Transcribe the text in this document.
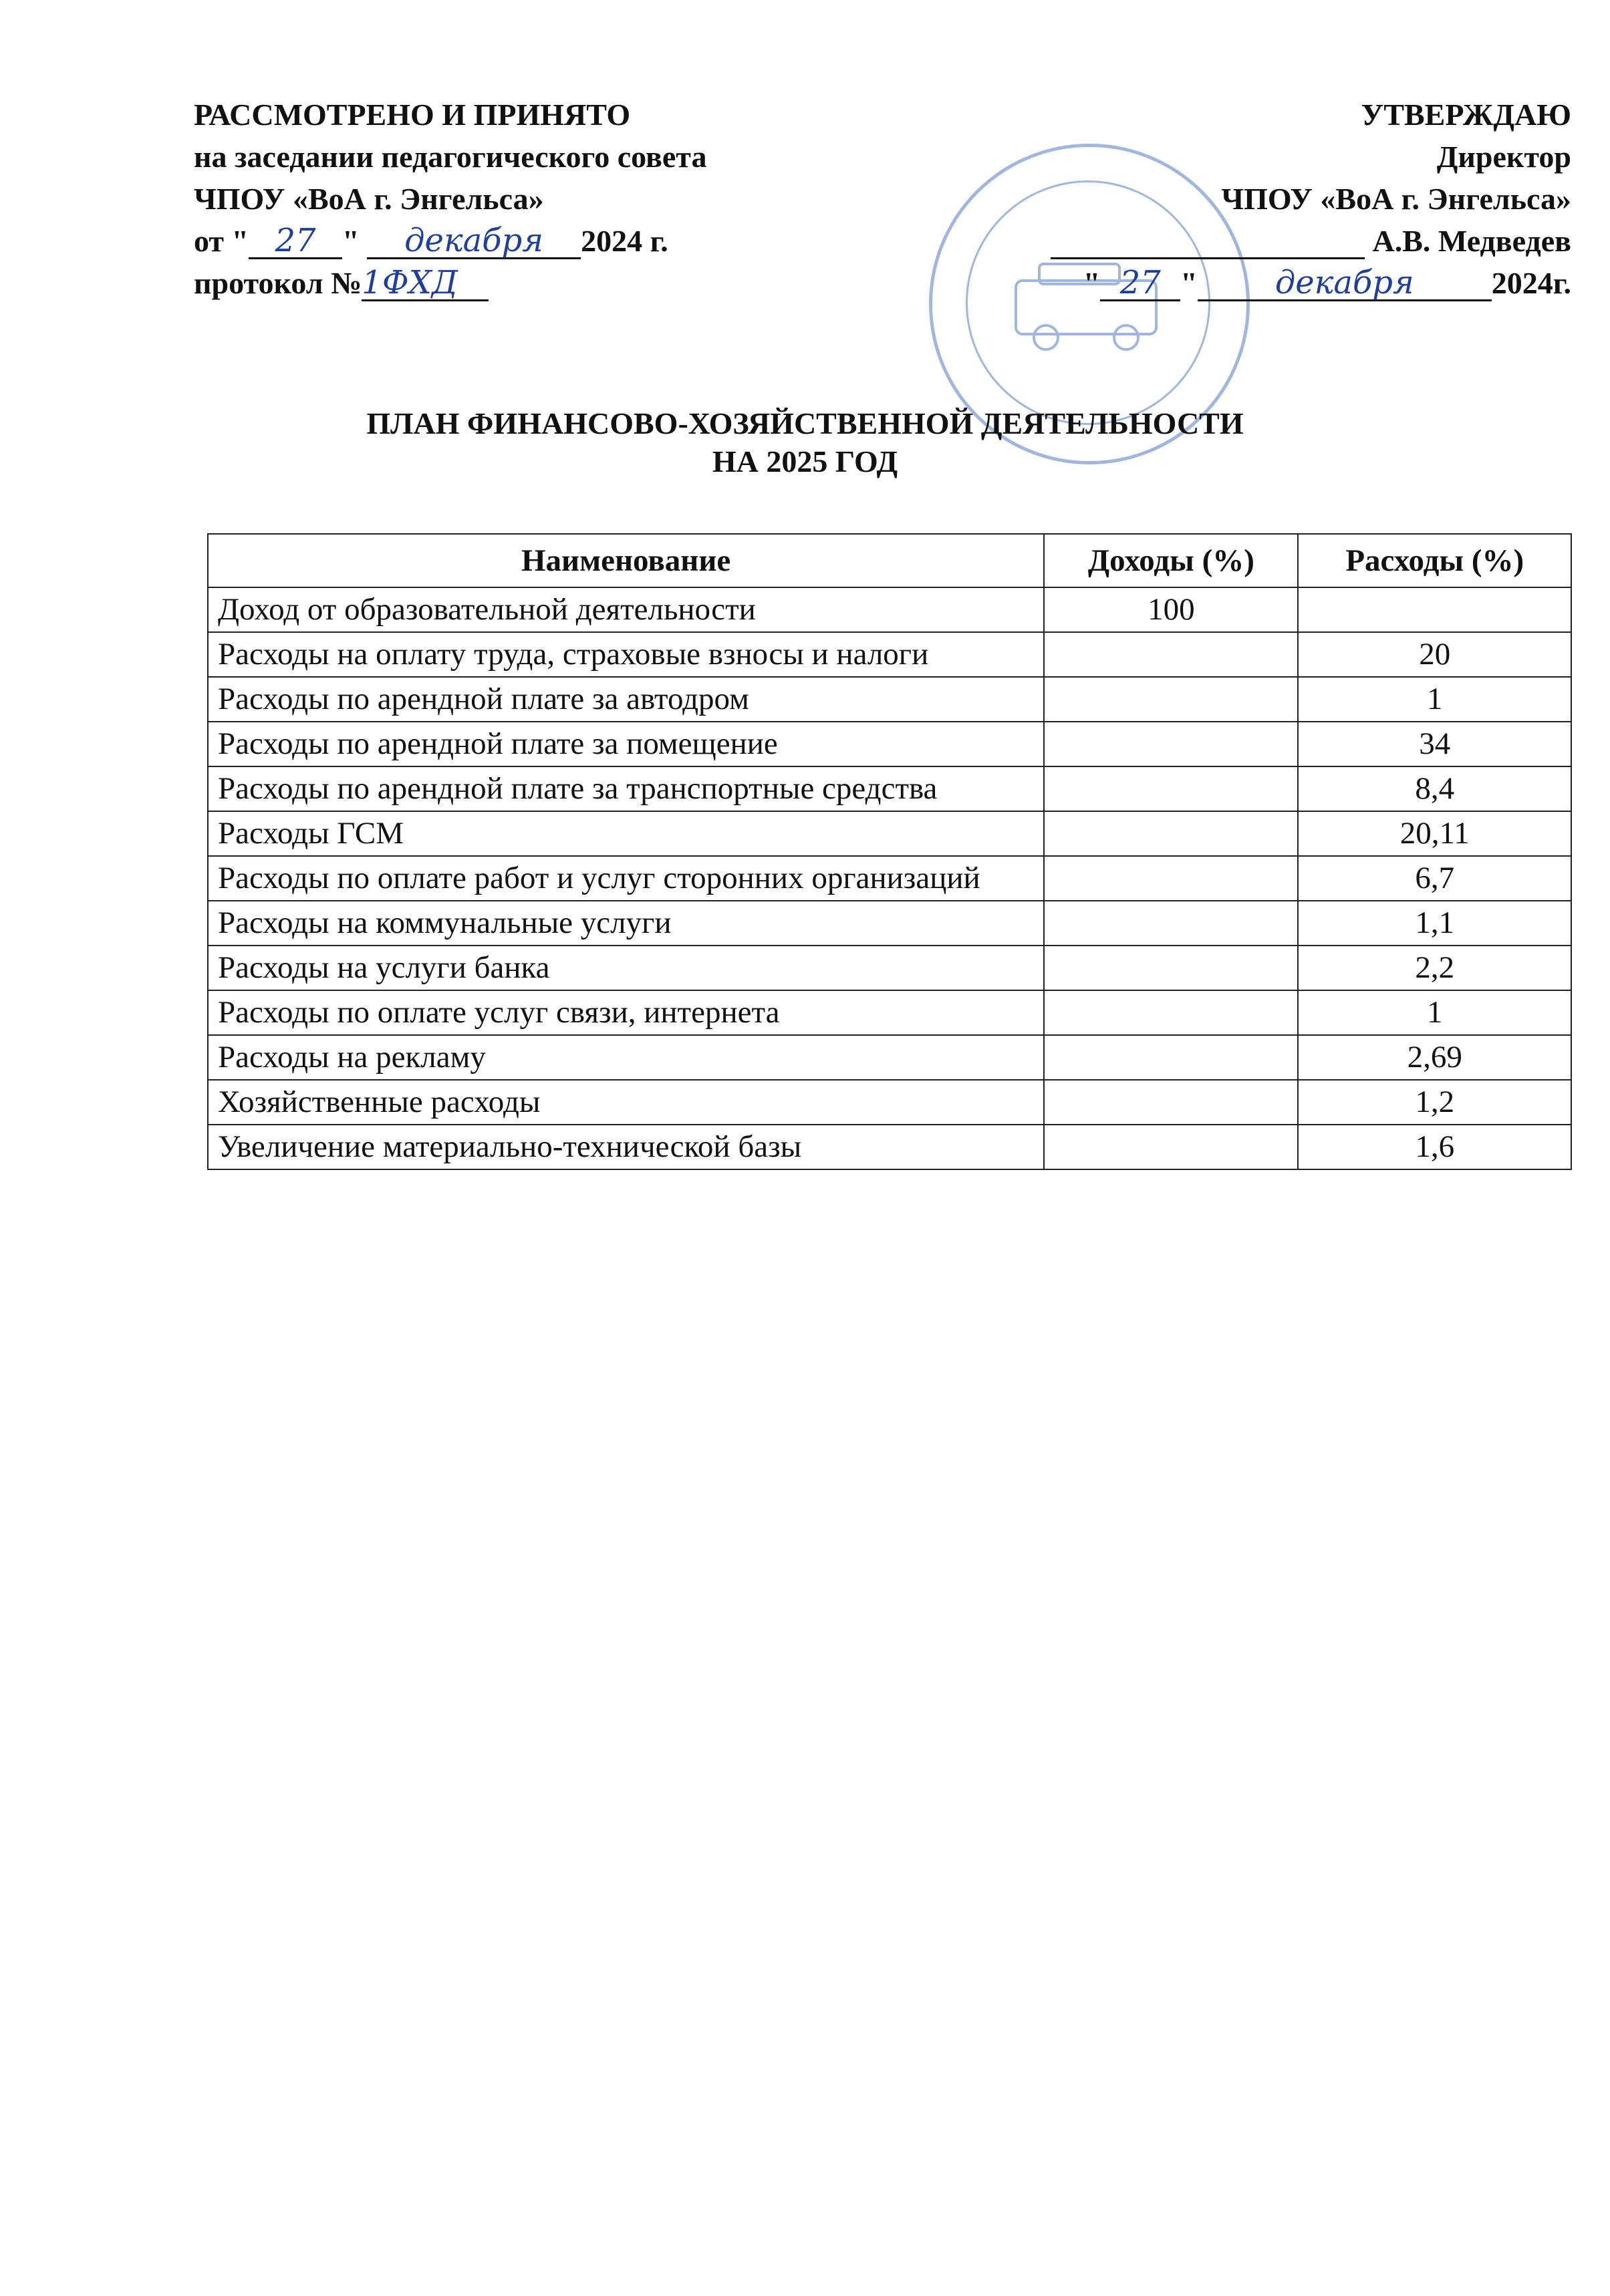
РАССМОТРЕНО И ПРИНЯТО
на заседании педагогического совета
ЧПОУ «ВоА г. Энгельса»
от " 27 " декабря 2024 г.
протокол №1ФХД
УТВЕРЖДАЮ
Директор
ЧПОУ «ВоА г. Энгельса»
А.В. Медведев
" 27 " декабря	2024г.
ПЛАН ФИНАНСОВО-ХОЗЯЙСТВЕННОЙ ДЕЯТЕЛЬНОСТИ
НА 2025 ГОД
Наименование	Доходы (%)	Расходы (%)
Доход от образовательной деятельности	100	
Расходы на оплату труда, страховые взносы и налоги		20
Расходы по арендной плате за автодром		1
Расходы по арендной плате за помещение		34
Расходы по арендной плате за транспортные средства		8,4
Расходы ГСМ		20,11
Расходы по оплате работ и услуг сторонних организаций		6,7
Расходы на коммунальные услуги		1,1
Расходы на услуги банка		2,2
Расходы по оплате услуг связи, интернета		1
Расходы на рекламу		2,69
Хозяйственные расходы		1,2
Увеличение материально-технической базы		1,6
